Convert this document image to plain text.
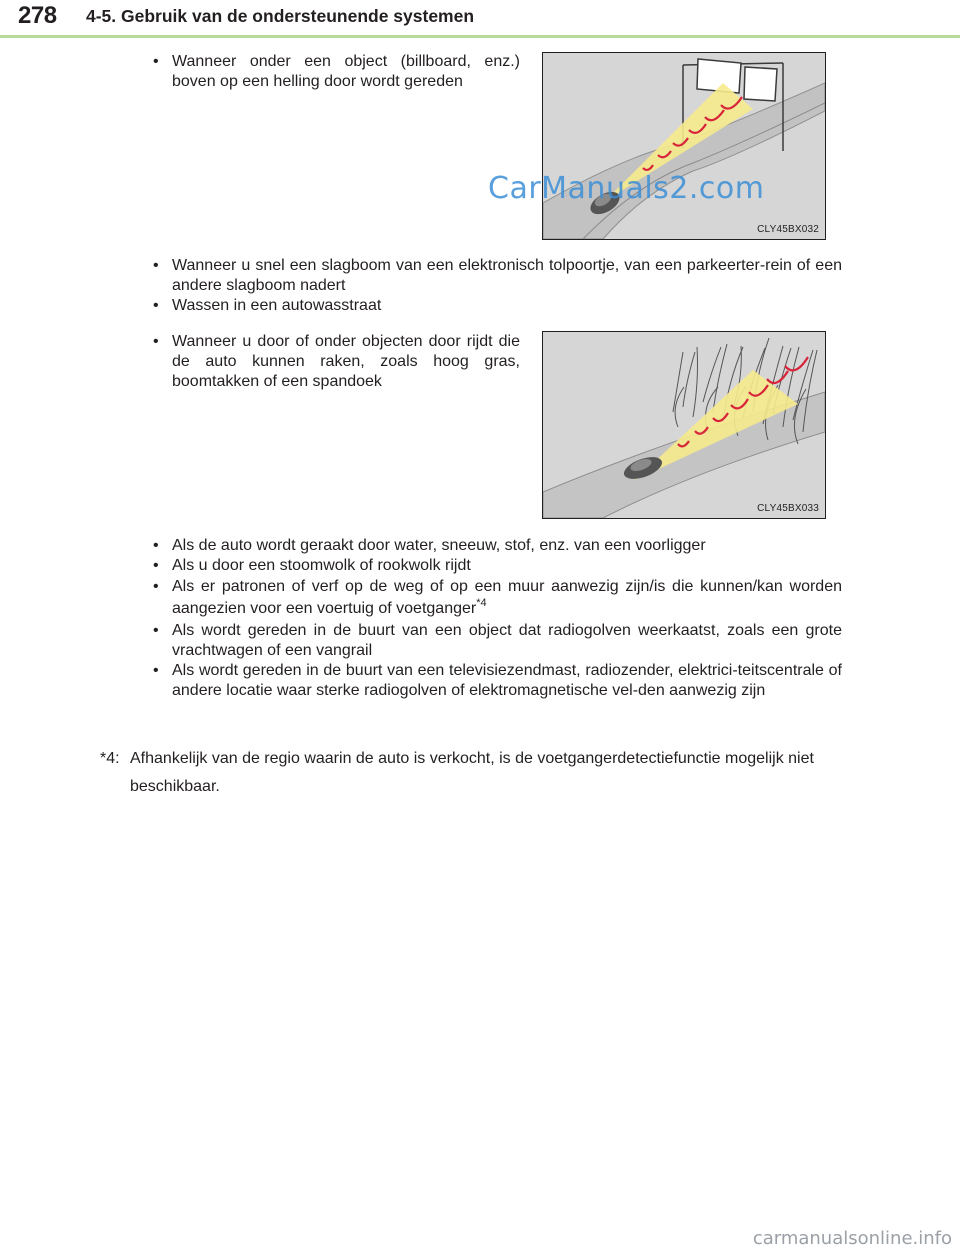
278 4-5. Gebruik van de ondersteunende systemen

• Wanneer onder een object (billboard, enz.) boven op een helling door wordt gereden

CLY45BX032
CarManuals2.com

• Wanneer u snel een slagboom van een elektronisch tolpoortje, van een parkeerter-rein of een andere slagboom nadert

• Wassen in een autowasstraat

• Wanneer u door of onder objecten door rijdt die de auto kunnen raken, zoals hoog gras, boomtakken of een spandoek

CLY45BX033

• Als de auto wordt geraakt door water, sneeuw, stof, enz. van een voorligger

• Als u door een stoomwolk of rookwolk rijdt

• Als er patronen of verf op de weg of op een muur aanwezig zijn/is die kunnen/kan worden aangezien voor een voertuig of voetganger$^{*4}$

• Als wordt gereden in de buurt van een object dat radiogolven weerkaatst, zoals een grote vrachtwagen of een vangrail

• Als wordt gereden in de buurt van een televisiezendmast, radiozender, elektrici-teitscentrale of andere locatie waar sterke radiogolven of elektromagnetische vel-den aanwezig zijn

*4: Afhankelijk van de regio waarin de auto is verkocht, is de voetgangerdetectiefunctie mogelijk niet beschikbaar.
carmanualsonline.info
